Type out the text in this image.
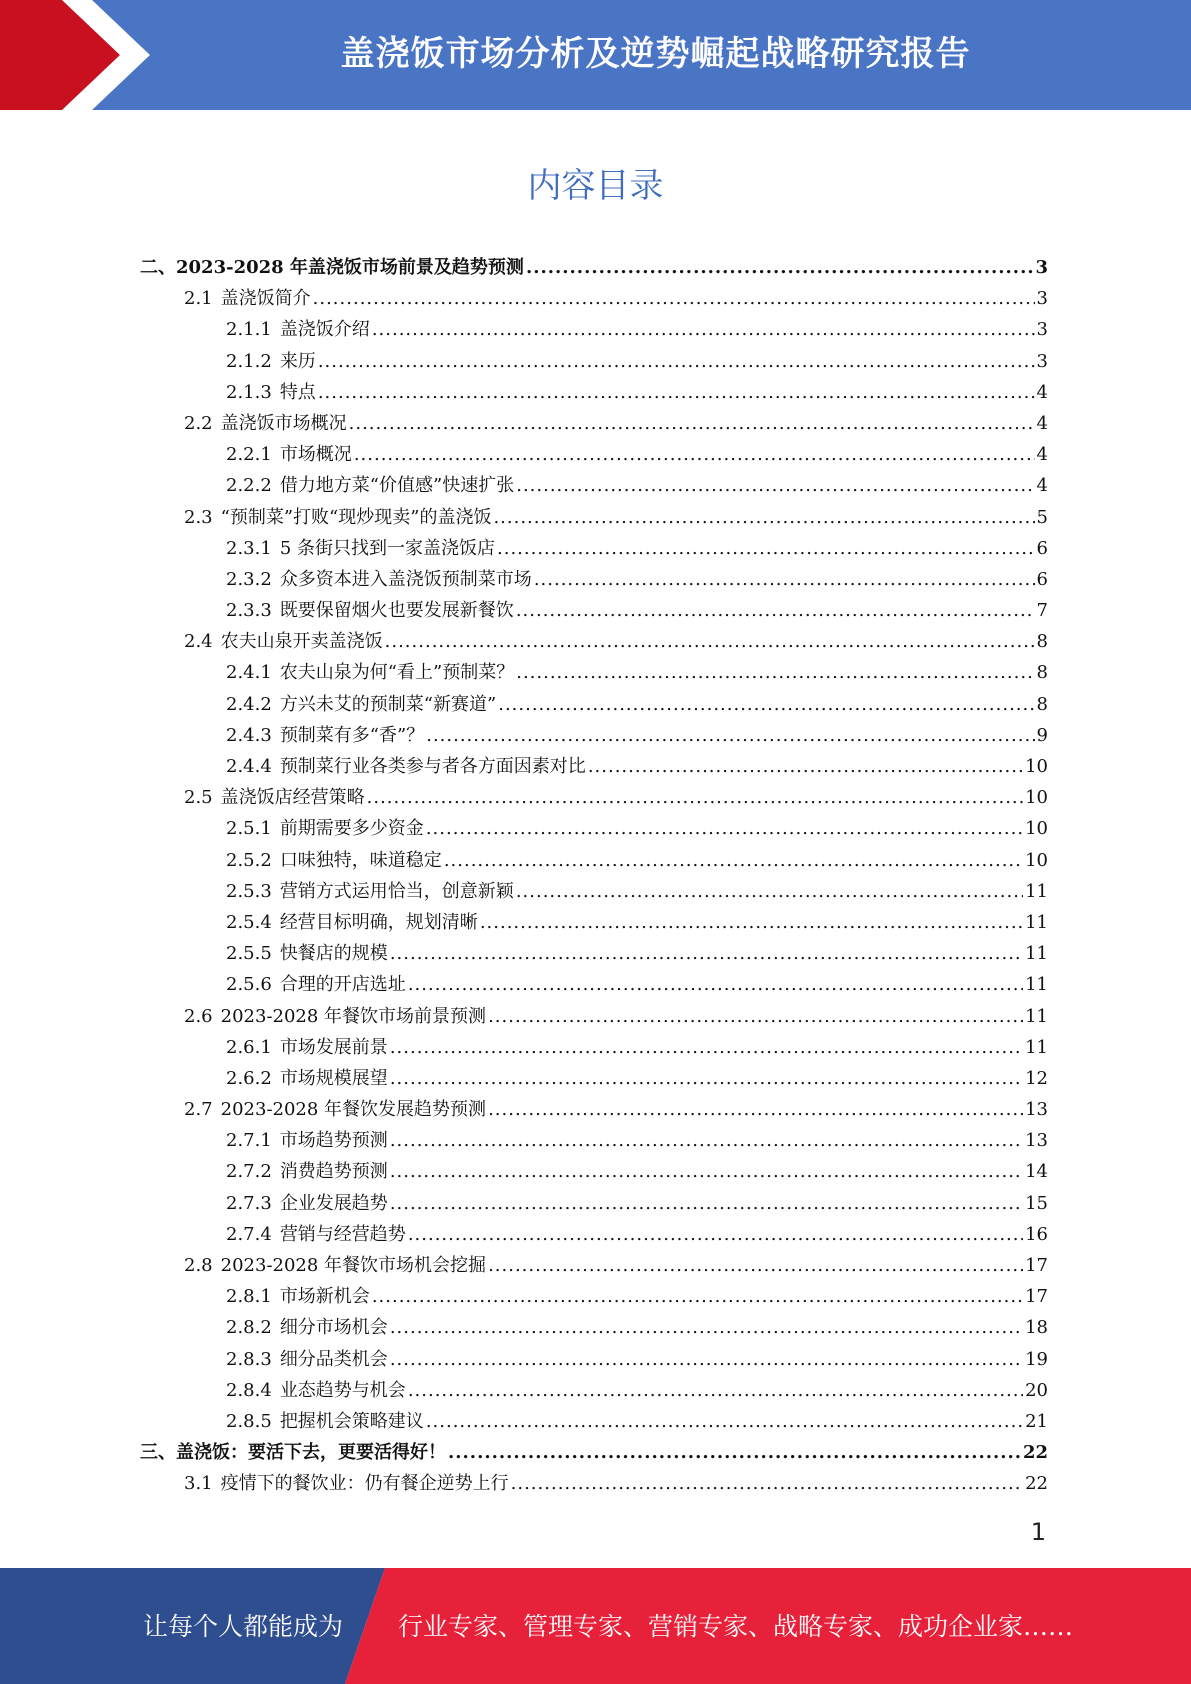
盖浇饭市场分析及逆势崛起战略研究报告
内容目录
二、 2023-2028 年盖浇饭市场前景及趋势预测 .....	3
2.1 盖浇饭简介 .....	3
2.1.1 盖浇饭介绍 .....	3
2.1.2 来历 .....	3
2.1.3 特点 .....	4
2.2 盖浇饭市场概况 .....	4
2.2.1 市场概况 .....	4
2.2.2 借力地方菜“价值感”快速扩张 .....	4
2.3 “预制菜”打败“现炒现卖”的盖浇饭 .....	5
2.3.1 5 条街只找到一家盖浇饭店 .....	6
2.3.2 众多资本进入盖浇饭预制菜市场 .....	6
2.3.3 既要保留烟火也要发展新餐饮 .....	7
2.4 农夫山泉开卖盖浇饭 .....	8
2.4.1 农夫山泉为何“看上”预制菜？ .....	8
2.4.2 方兴未艾的预制菜“新赛道” .....	8
2.4.3 预制菜有多“香”？ .....	9
2.4.4 预制菜行业各类参与者各方面因素对比 .....	10
2.5 盖浇饭店经营策略 .....	10
2.5.1 前期需要多少资金 .....	10
2.5.2 口味独特，味道稳定 .....	10
2.5.3 营销方式运用恰当，创意新颖 .....	11
2.5.4 经营目标明确，规划清晰 .....	11
2.5.5 快餐店的规模 .....	11
2.5.6 合理的开店选址 .....	11
2.6 2023-2028 年餐饮市场前景预测 .....	11
2.6.1 市场发展前景 .....	11
2.6.2 市场规模展望 .....	12
2.7 2023-2028 年餐饮发展趋势预测 .....	13
2.7.1 市场趋势预测 .....	13
2.7.2 消费趋势预测 .....	14
2.7.3 企业发展趋势 .....	15
2.7.4 营销与经营趋势 .....	16
2.8 2023-2028 年餐饮市场机会挖掘 .....	17
2.8.1 市场新机会 .....	17
2.8.2 细分市场机会 .....	18
2.8.3 细分品类机会 .....	19
2.8.4 业态趋势与机会 .....	20
2.8.5 把握机会策略建议 .....	21
三、 盖浇饭：要活下去，更要活得好！ .....	22
3.1 疫情下的餐饮业：仍有餐企逆势上行 .....	22
1
让每个人都能成为 行业专家、管理专家、营销专家、战略专家、成功企业家……
